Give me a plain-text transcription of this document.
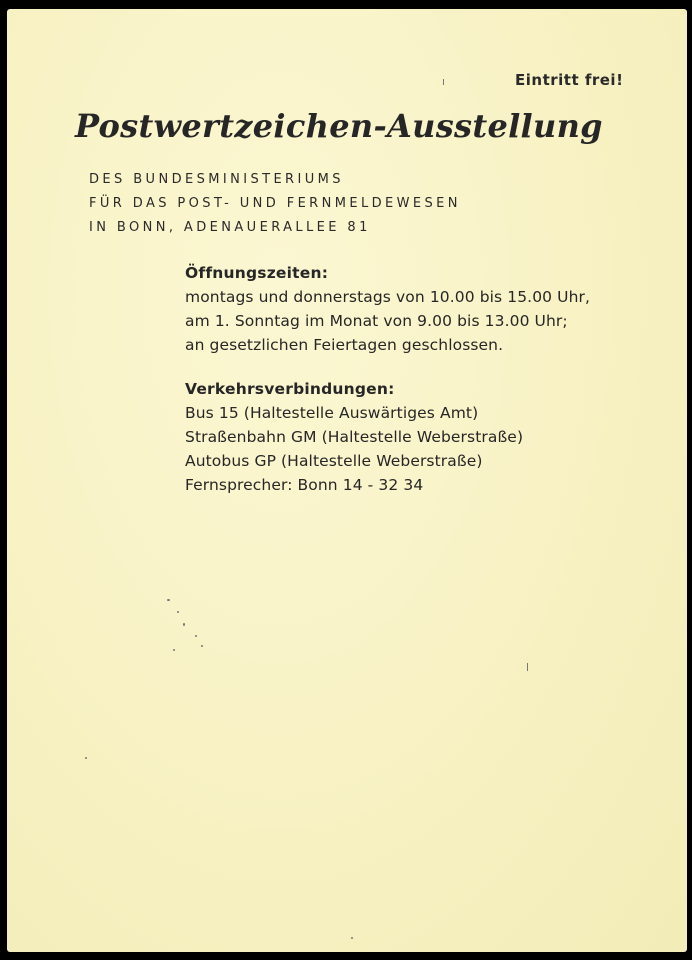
Eintritt frei!
Postwertzeichen-Ausstellung
DES BUNDESMINISTERIUMS
FÜR DAS POST- UND FERNMELDEWESEN
IN BONN, ADENAUERALLEE 81
Öffnungszeiten:
montags und donnerstags von 10.00 bis 15.00 Uhr,
am 1. Sonntag im Monat von 9.00 bis 13.00 Uhr;
an gesetzlichen Feiertagen geschlossen.
Verkehrsverbindungen:
Bus 15 (Haltestelle Auswärtiges Amt)
Straßenbahn GM (Haltestelle Weberstraße)
Autobus GP (Haltestelle Weberstraße)
Fernsprecher: Bonn 14 - 32 34
